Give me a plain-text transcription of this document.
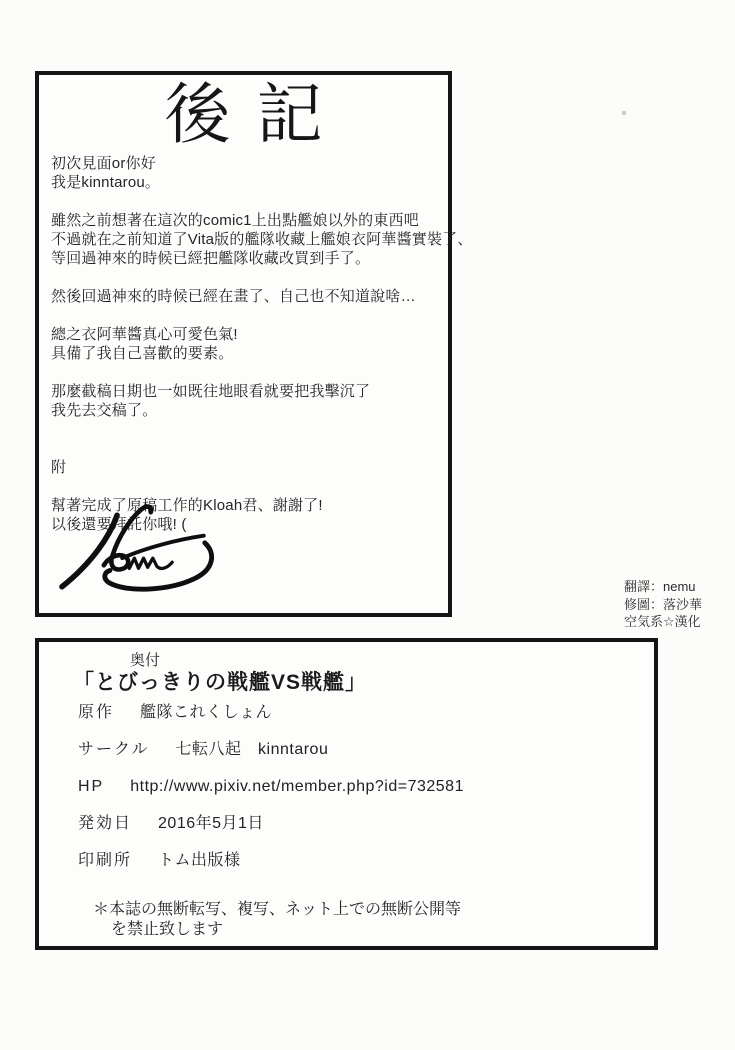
後記
初次見面or你好
我是kinntarou。
雖然之前想著在這次的comic1上出點艦娘以外的東西吧
不過就在之前知道了Vita版的艦隊收藏上艦娘衣阿華醬實裝了、
等回過神來的時候已經把艦隊收藏改買到手了。
然後回過神來的時候已經在畫了、自己也不知道說啥…
總之衣阿華醬真心可愛色氣!
具備了我自己喜歡的要素。
那麼截稿日期也一如既往地眼看就要把我擊沉了
我先去交稿了。
附
幫著完成了原稿工作的Kloah君、謝謝了!
以後還要拜託你哦! (
翻譯：nemu
修圖：落沙華
空気系☆漢化
奥付
「とびっきりの戦艦VS戦艦」
原作 艦隊これくしょん
サークル 七転八起　kinntarou
HP http://www.pixiv.net/member.php?id=732581
発効日 2016年5月1日
印刷所 トム出版様
＊本誌の無断転写、複写、ネット上での無断公開等
を禁止致します
